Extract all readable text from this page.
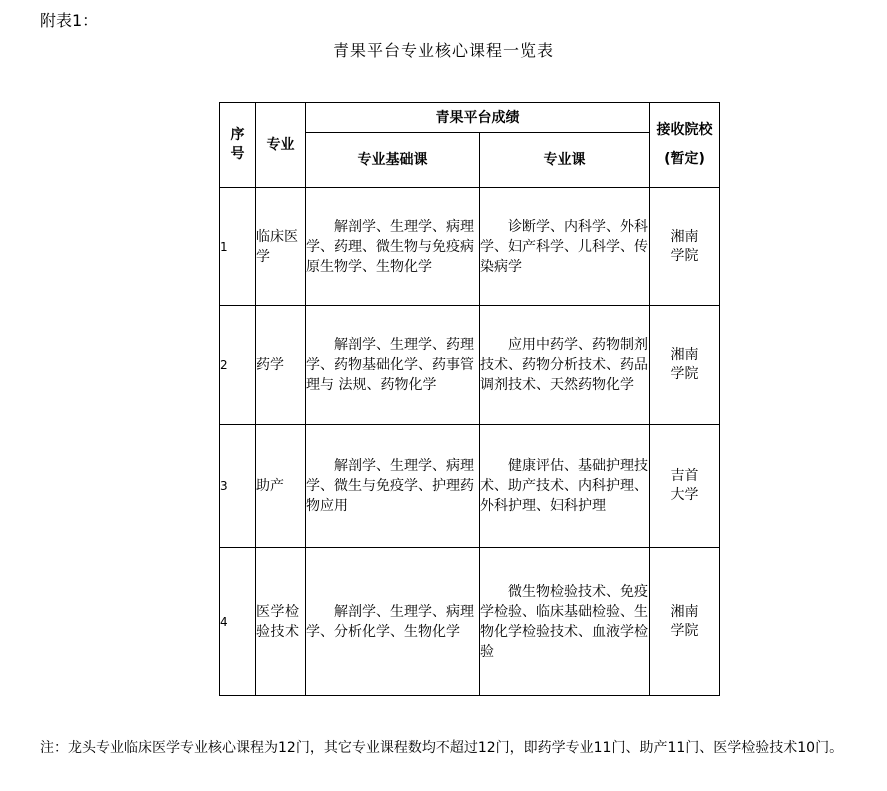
附表1：
青果平台专业核心课程一览表
序号	专业	青果平台成绩		接收院校(暂定)
		专业基础课	专业课	
1	临床医学	解剖学、生理学、病理学、药理、微生物与免疫病原生物学、生物化学	诊断学、内科学、外科学、妇产科学、儿科学、传染病学	湘南学院
2	药学	解剖学、生理学、药理学、药物基础化学、药事管理与 法规、药物化学	应用中药学、药物制剂技术、药物分析技术、药品调剂技术、天然药物化学	湘南学院
3	助产	解剖学、生理学、病理学、微生与免疫学、护理药物应用	健康评估、基础护理技术、助产技术、内科护理、外科护理、妇科护理	吉首大学
4	医学检验技术	解剖学、生理学、病理学、分析化学、生物化学	微生物检验技术、免疫学检验、临床基础检验、生物化学检验技术、血液学检验	湘南学院
注：龙头专业临床医学专业核心课程为12门，其它专业课程数均不超过12门，即药学专业11门、助产11门、医学检验技术10门。
